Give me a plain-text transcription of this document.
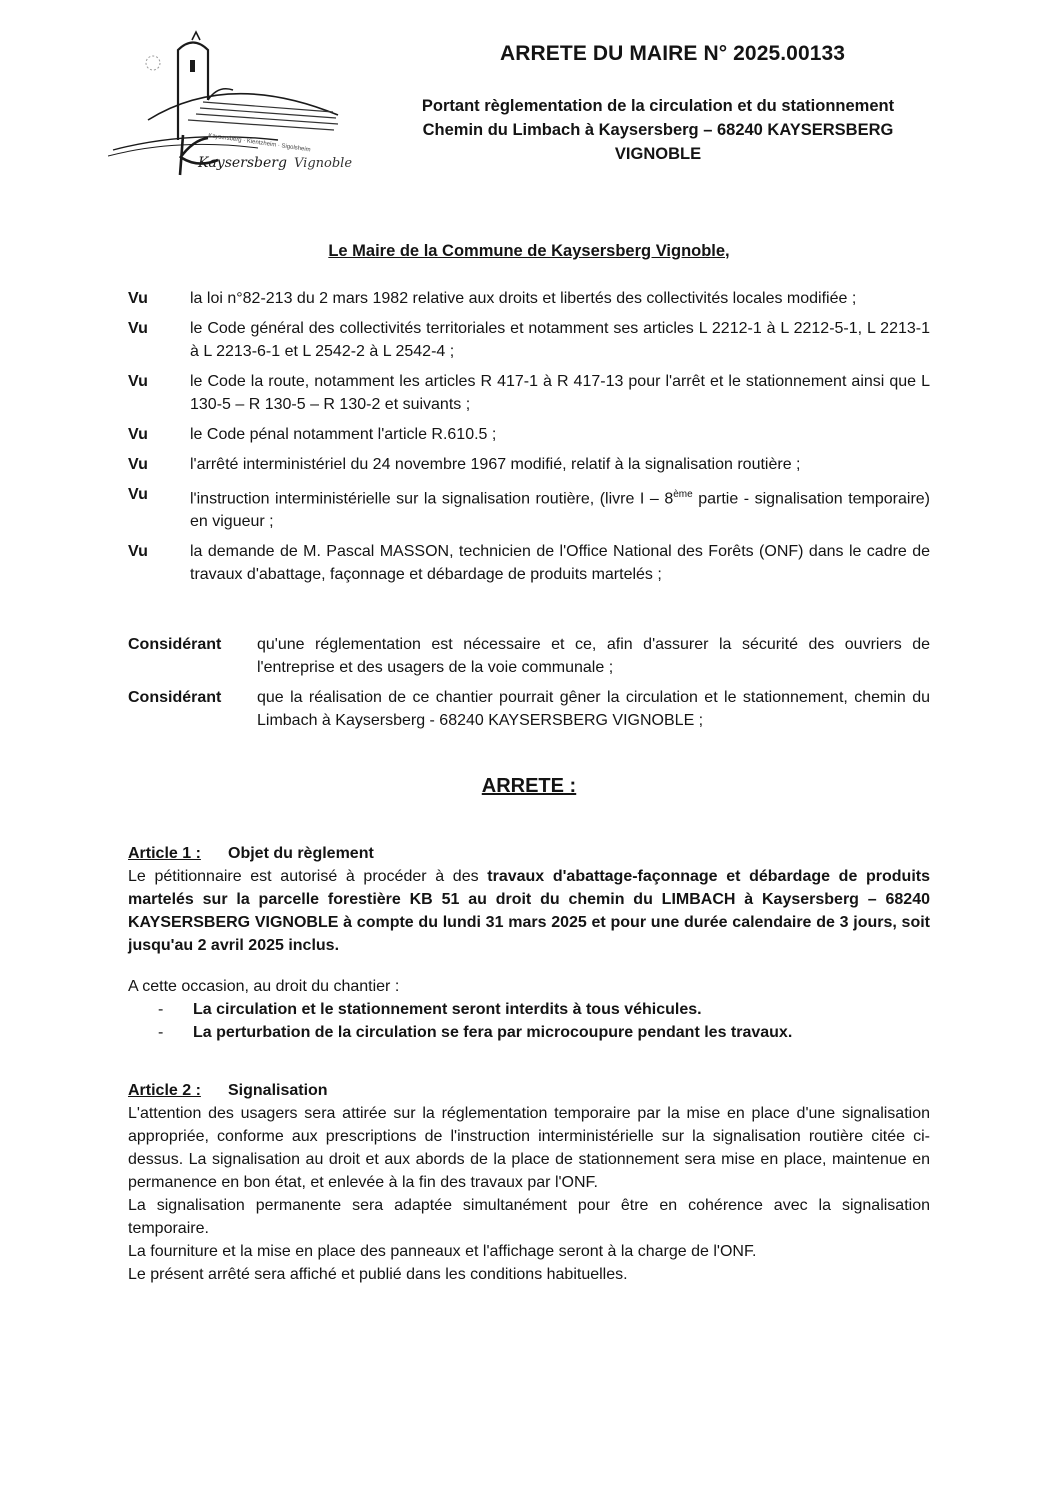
Kaysersberg · Kientzheim · Sigolsheim
Kaysersberg Vignoble
ARRETE DU MAIRE N° 2025.00133
Portant règlementation de la circulation et du stationnement
Chemin du Limbach à Kaysersberg – 68240 KAYSERSBERG
VIGNOBLE

Le Maire de la Commune de Kaysersberg Vignoble,

Vu	la loi n°82-213 du 2 mars 1982 relative aux droits et libertés des collectivités locales modifiée ;
Vu	le Code général des collectivités territoriales et notamment ses articles L 2212-1 à L 2212-5-1, L 2213-1 à L 2213-6-1 et L 2542-2 à L 2542-4 ;
Vu	le Code la route, notamment les articles R 417-1 à R 417-13 pour l'arrêt et le stationnement ainsi que L 130-5 – R 130-5 – R 130-2 et suivants ;
Vu	le Code pénal notamment l'article R.610.5 ;
Vu	l'arrêté interministériel du 24 novembre 1967 modifié, relatif à la signalisation routière ;
Vu	l'instruction interministérielle sur la signalisation routière, (livre I – 8ème partie - signalisation temporaire) en vigueur ;
Vu	la demande de M. Pascal MASSON, technicien de l'Office National des Forêts (ONF) dans le cadre de travaux d'abattage, façonnage et débardage de produits martelés ;
Considérant	qu'une réglementation est nécessaire et ce, afin d'assurer la sécurité des ouvriers de l'entreprise et des usagers de la voie communale ;
Considérant	que la réalisation de ce chantier pourrait gêner la circulation et le stationnement, chemin du Limbach à Kaysersberg - 68240 KAYSERSBERG VIGNOBLE ;
ARRETE :

Article 1 : Objet du règlement

Le pétitionnaire est autorisé à procéder à des travaux d'abattage-façonnage et débardage de produits martelés sur la parcelle forestière KB 51 au droit du chemin du LIMBACH à Kaysersberg – 68240 KAYSERSBERG VIGNOBLE à compte du lundi 31 mars 2025 et pour une durée calendaire de 3 jours, soit jusqu'au 2 avril 2025 inclus.

A cette occasion, au droit du chantier :

- La circulation et le stationnement seront interdits à tous véhicules.
- La perturbation de la circulation se fera par microcoupure pendant les travaux.

Article 2 : Signalisation

L'attention des usagers sera attirée sur la réglementation temporaire par la mise en place d'une signalisation appropriée, conforme aux prescriptions de l'instruction interministérielle sur la signalisation routière citée ci-dessus. La signalisation au droit et aux abords de la place de stationnement sera mise en place, maintenue en permanence en bon état, et enlevée à la fin des travaux par l'ONF.

La signalisation permanente sera adaptée simultanément pour être en cohérence avec la signalisation temporaire.

La fourniture et la mise en place des panneaux et l'affichage seront à la charge de l'ONF.

Le présent arrêté sera affiché et publié dans les conditions habituelles.
